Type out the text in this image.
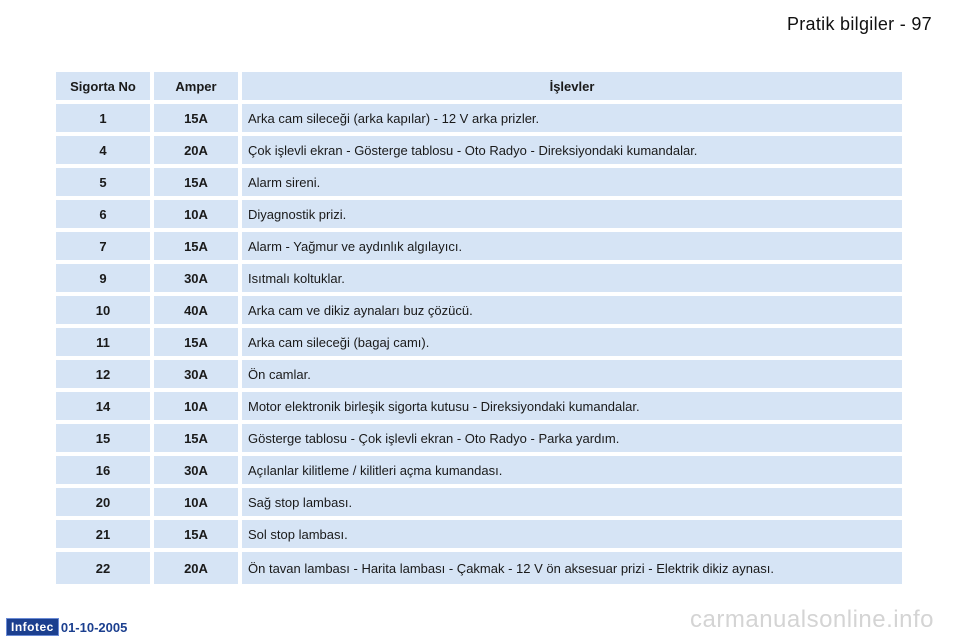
Pratik bilgiler - 97
Sigorta No	Amper	İşlevler
1	15A	Arka cam sileceği (arka kapılar) - 12 V arka prizler.
4	20A	Çok işlevli ekran - Gösterge tablosu - Oto Radyo - Direksiyondaki kumandalar.
5	15A	Alarm sireni.
6	10A	Diyagnostik prizi.
7	15A	Alarm - Yağmur ve aydınlık algılayıcı.
9	30A	Isıtmalı koltuklar.
10	40A	Arka cam ve dikiz aynaları buz çözücü.
11	15A	Arka cam sileceği (bagaj camı).
12	30A	Ön camlar.
14	10A	Motor elektronik birleşik sigorta kutusu - Direksiyondaki kumandalar.
15	15A	Gösterge tablosu - Çok işlevli ekran - Oto Radyo - Parka yardım.
16	30A	Açılanlar kilitleme / kilitleri açma kumandası.
20	10A	Sağ stop lambası.
21	15A	Sol stop lambası.
22	20A	Ön tavan lambası - Harita lambası - Çakmak - 12 V ön aksesuar prizi - Elektrik dikiz aynası.
Infotec 01-10-2005	carmanualsonline.info
